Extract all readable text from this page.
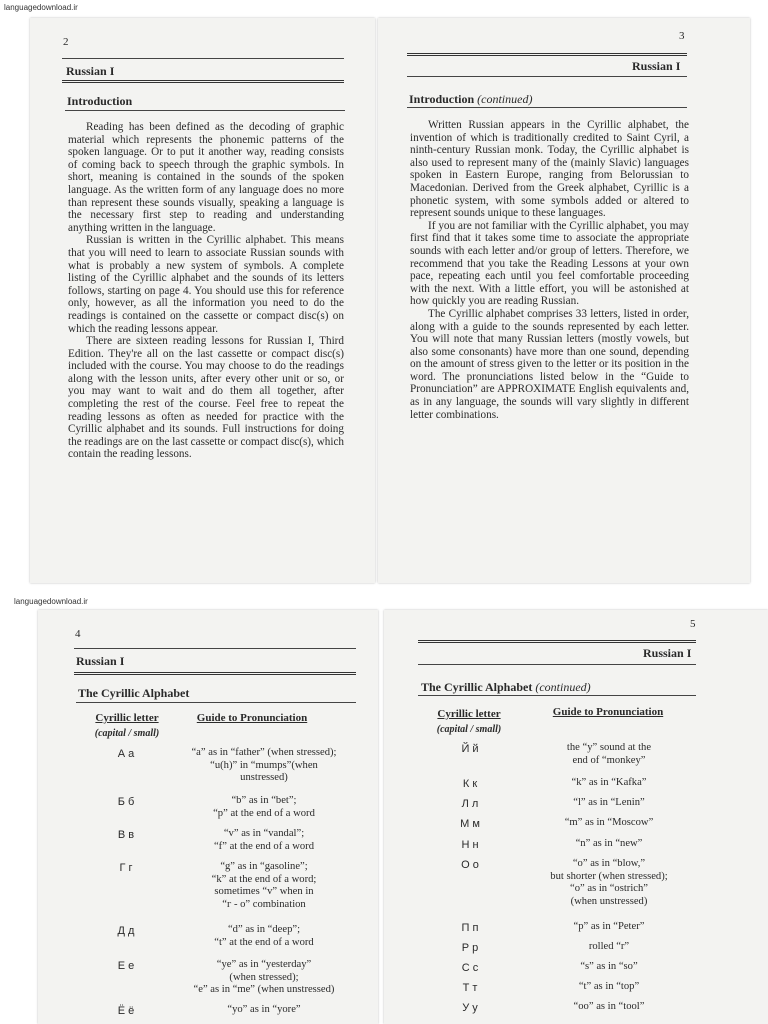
languagedownload.ir
languagedownload.ir
2
Russian I
Introduction

Reading has been defined as the decoding of graphic material which represents the phonemic patterns of the spoken language. Or to put it another way, reading consists of coming back to speech through the graphic symbols. In short, meaning is contained in the sounds of the spoken language. As the written form of any language does no more than represent these sounds visually, speaking a language is the necessary first step to reading and understanding anything written in the language.

Russian is written in the Cyrillic alphabet. This means that you will need to learn to associate Russian sounds with what is probably a new system of symbols. A complete listing of the Cyrillic alphabet and the sounds of its letters follows, starting on page 4. You should use this for reference only, however, as all the information you need to do the readings is contained on the cassette or compact disc(s) on which the reading lessons appear.

There are sixteen reading lessons for Russian I, Third Edition. They're all on the last cassette or compact disc(s) included with the course. You may choose to do the readings along with the lesson units, after every other unit or so, or you may want to wait and do them all together, after completing the rest of the course. Feel free to repeat the reading lessons as often as needed for practice with the Cyrillic alphabet and its sounds. Full instructions for doing the readings are on the last cassette or compact disc(s), which contain the reading lessons.

3
Russian I
Introduction (continued)

Written Russian appears in the Cyrillic alphabet, the invention of which is traditionally credited to Saint Cyril, a ninth-century Russian monk. Today, the Cyrillic alphabet is also used to represent many of the (mainly Slavic) languages spoken in Eastern Europe, ranging from Belorussian to Macedonian. Derived from the Greek alphabet, Cyrillic is a phonetic system, with some symbols added or altered to represent sounds unique to these languages.

If you are not familiar with the Cyrillic alphabet, you may first find that it takes some time to associate the appropriate sounds with each letter and/or group of letters. Therefore, we recommend that you take the Reading Lessons at your own pace, repeating each until you feel comfortable proceeding with the next. With a little effort, you will be astonished at how quickly you are reading Russian.

The Cyrillic alphabet comprises 33 letters, listed in order, along with a guide to the sounds represented by each letter. You will note that many Russian letters (mostly vowels, but also some consonants) have more than one sound, depending on the amount of stress given to the letter or its position in the word. The pronunciations listed below in the “Guide to Pronunciation” are APPROXIMATE English equivalents and, as in any language, the sounds will vary slightly in different letter combinations.

4
Russian I
The Cyrillic Alphabet
Cyrillic letter
(capital / small)
Guide to Pronunciation
А а	“a” as in “father” (when stressed);
“u(h)” in “mumps”(when
unstressed)
Б б	“b” as in “bet”;
“p” at the end of a word
В в	“v” as in “vandal”;
“f” at the end of a word
Г г	“g” as in “gasoline”;
“k” at the end of a word;
sometimes “v” when in
“г - о” combination
Д д	“d” as in “deep”;
“t” at the end of a word
Е е	“ye” as in “yesterday”
(when stressed);
“e” as in “me” (when unstressed)
Ё ё	“yo” as in “yore”
5
Russian I
The Cyrillic Alphabet (continued)
Cyrillic letter
(capital / small)
Guide to Pronunciation
Й й	the “y” sound at the
end of “monkey”
К к	“k” as in “Kafka”
Л л	“l” as in “Lenin”
М м	“m” as in “Moscow”
Н н	“n” as in “new”
О о	“o” as in “blow,”
but shorter (when stressed);
“o” as in “ostrich”
(when unstressed)
П п	“p” as in “Peter”
Р р	rolled “r”
С с	“s” as in “so”
Т т	“t” as in “top”
У у	“oo” as in “tool”
